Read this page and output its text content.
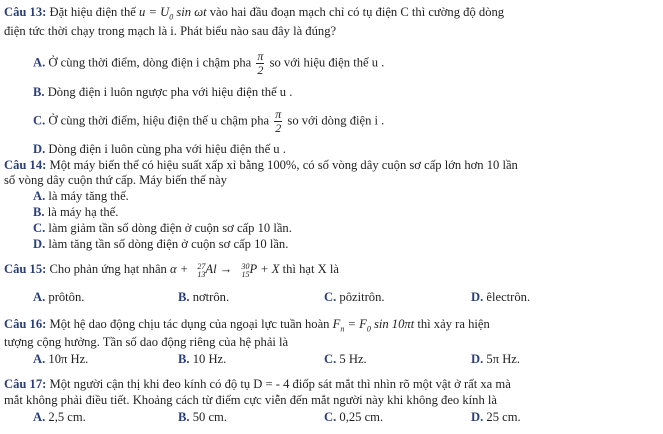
Câu 13: Đặt hiệu điện thế $u = U_0$ sin ωt vào hai đầu đoạn mạch chỉ có tụ điện C thì cường độ dòng
điện tức thời chạy trong mạch là i. Phát biểu nào sau đây là đúng?
A. Ở cùng thời điểm, dòng điện i chậm pha $\frac{\pi}{2}$ so với hiệu điện thế u .
B. Dòng điện i luôn ngược pha với hiệu điện thế u .
C. Ở cùng thời điểm, hiệu điện thế u chậm pha $\frac{\pi}{2}$ so với dòng điện i .
D. Dòng điện i luôn cùng pha với hiệu điện thế u .
Câu 14: Một máy biến thế có hiệu suất xấp xỉ bằng 100%, có số vòng dây cuộn sơ cấp lớn hơn 10 lần
số vòng dây cuộn thứ cấp. Máy biến thế này
A. là máy tăng thế.
B. là máy hạ thế.
C. làm giảm tần số dòng điện ở cuộn sơ cấp 10 lần.
D. làm tăng tần số dòng điện ở cuộn sơ cấp 10 lần.
Câu 15: Cho phản ứng hạt nhân α + 27
13 Al → 30
15 P + X thì hạt X là
A. prôtôn.	B. nơtrôn.	C. pôzitrôn.	D. êlectrôn.
Câu 16: Một hệ dao động chịu tác dụng của ngoại lực tuần hoàn $F_n = F_0$ sin 10πt thì xảy ra hiện
tượng cộng hưởng. Tần số dao động riêng của hệ phải là
A. 10π Hz.	B. 10 Hz.	C. 5 Hz.	D. 5π Hz.
Câu 17: Một người cận thị khi đeo kính có độ tụ D = - 4 điốp sát mắt thì nhìn rõ một vật ở rất xa mà
mắt không phải điều tiết. Khoảng cách từ điểm cực viễn đến mắt người này khi không đeo kính là
A. 2,5 cm.	B. 50 cm.	C. 0,25 cm.	D. 25 cm.
